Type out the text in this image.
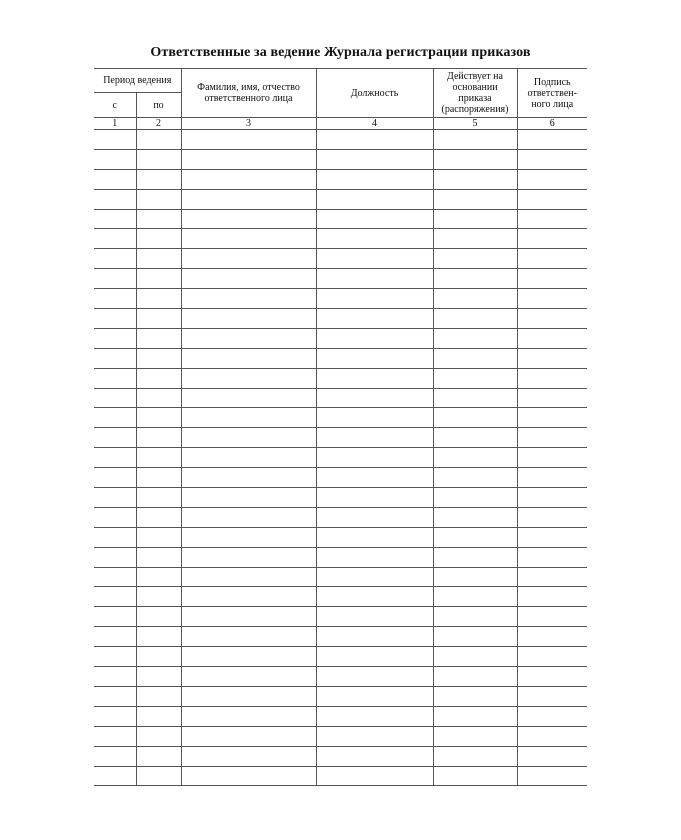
Ответственные за ведение Журнала регистрации приказов
Период ведения		Фамилия, имя, отчество ответственного лица	Должность	Действует на основании приказа (распоряжения)	Подпись ответствен-ного лица
с	по				
1	2	3	4	5	6
